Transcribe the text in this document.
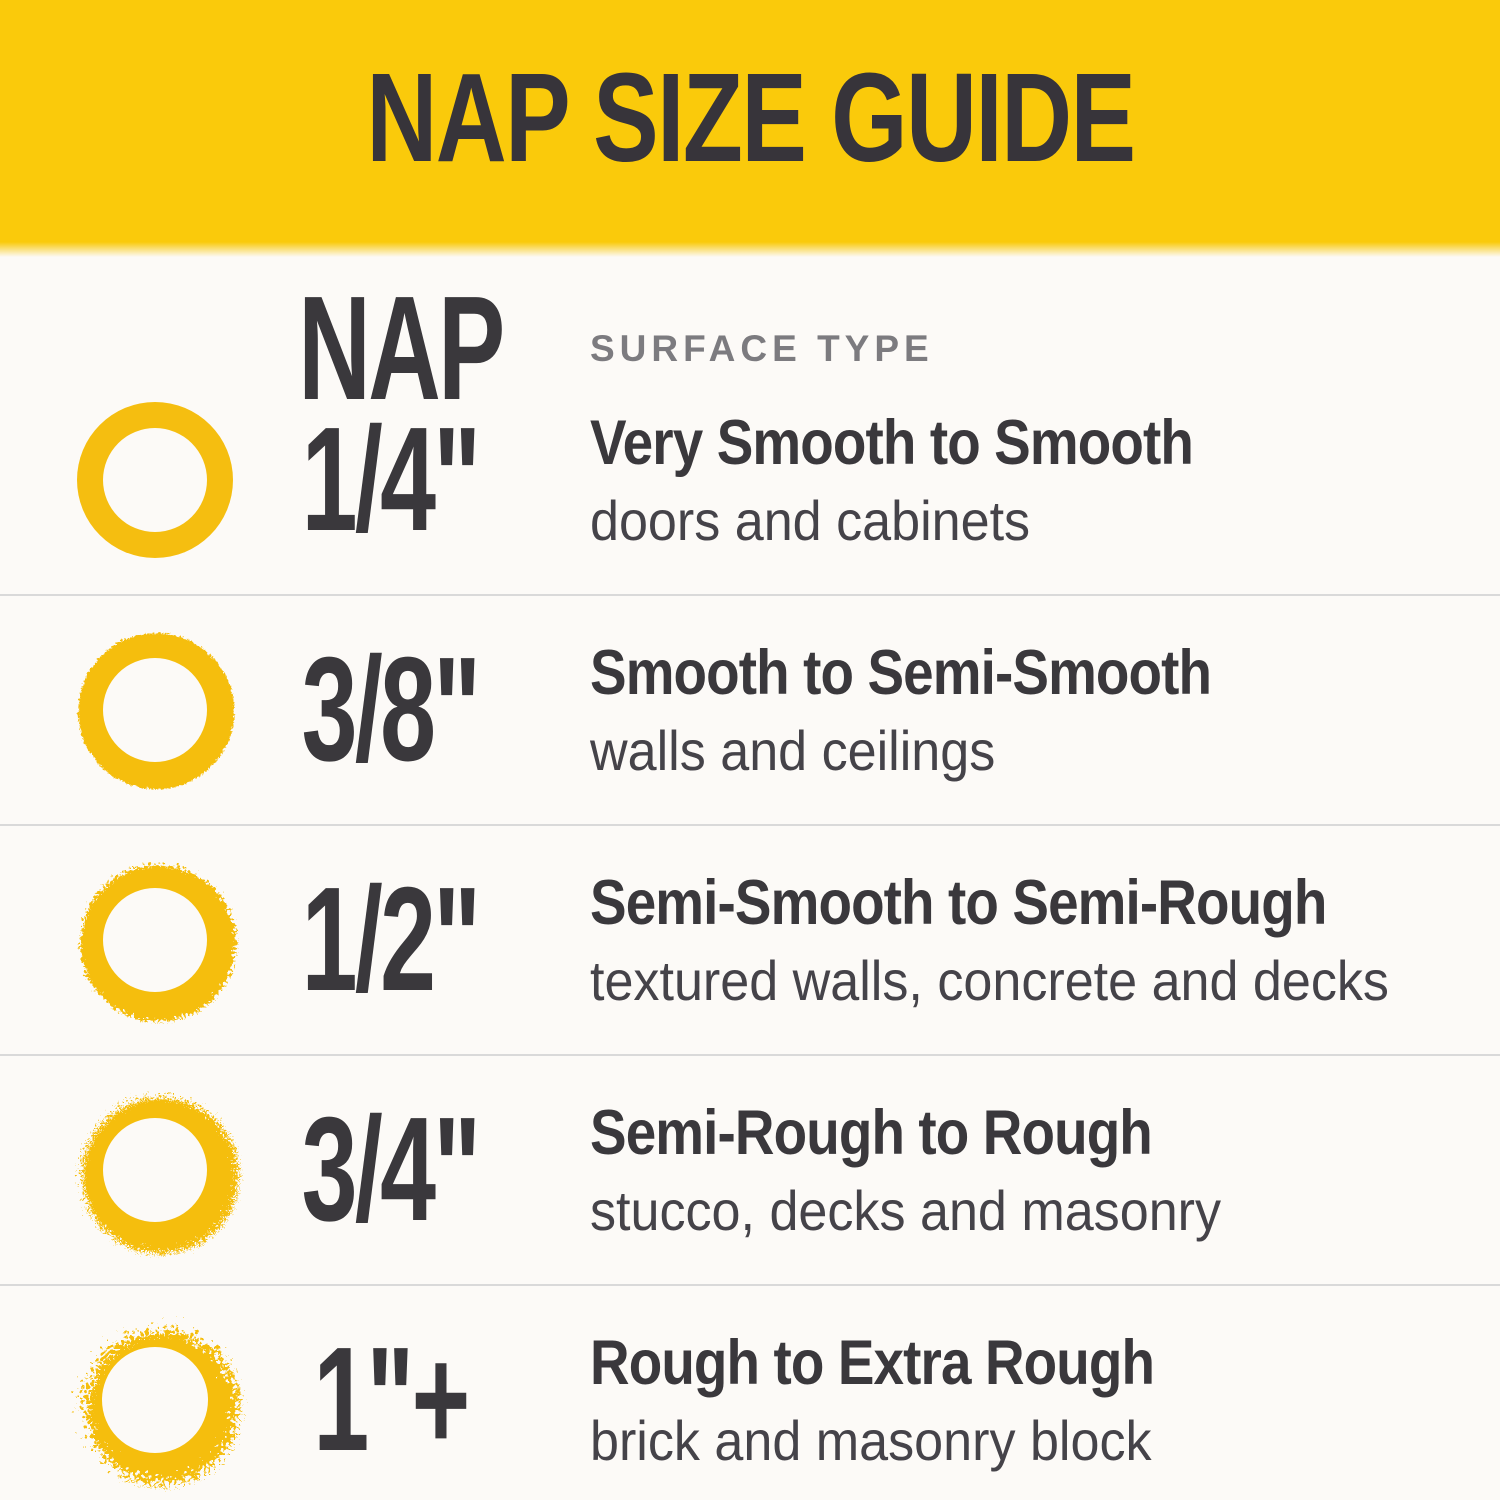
NAP SIZE GUIDE
NAP	SURFACE TYPE
1/4"	Very Smooth to Smooth
doors and cabinets
3/8"	Smooth to Semi-Smooth
walls and ceilings
1/2"	Semi-Smooth to Semi-Rough
textured walls, concrete and decks
3/4"	Semi-Rough to Rough
stucco, decks and masonry
1"+	Rough to Extra Rough
brick and masonry block
